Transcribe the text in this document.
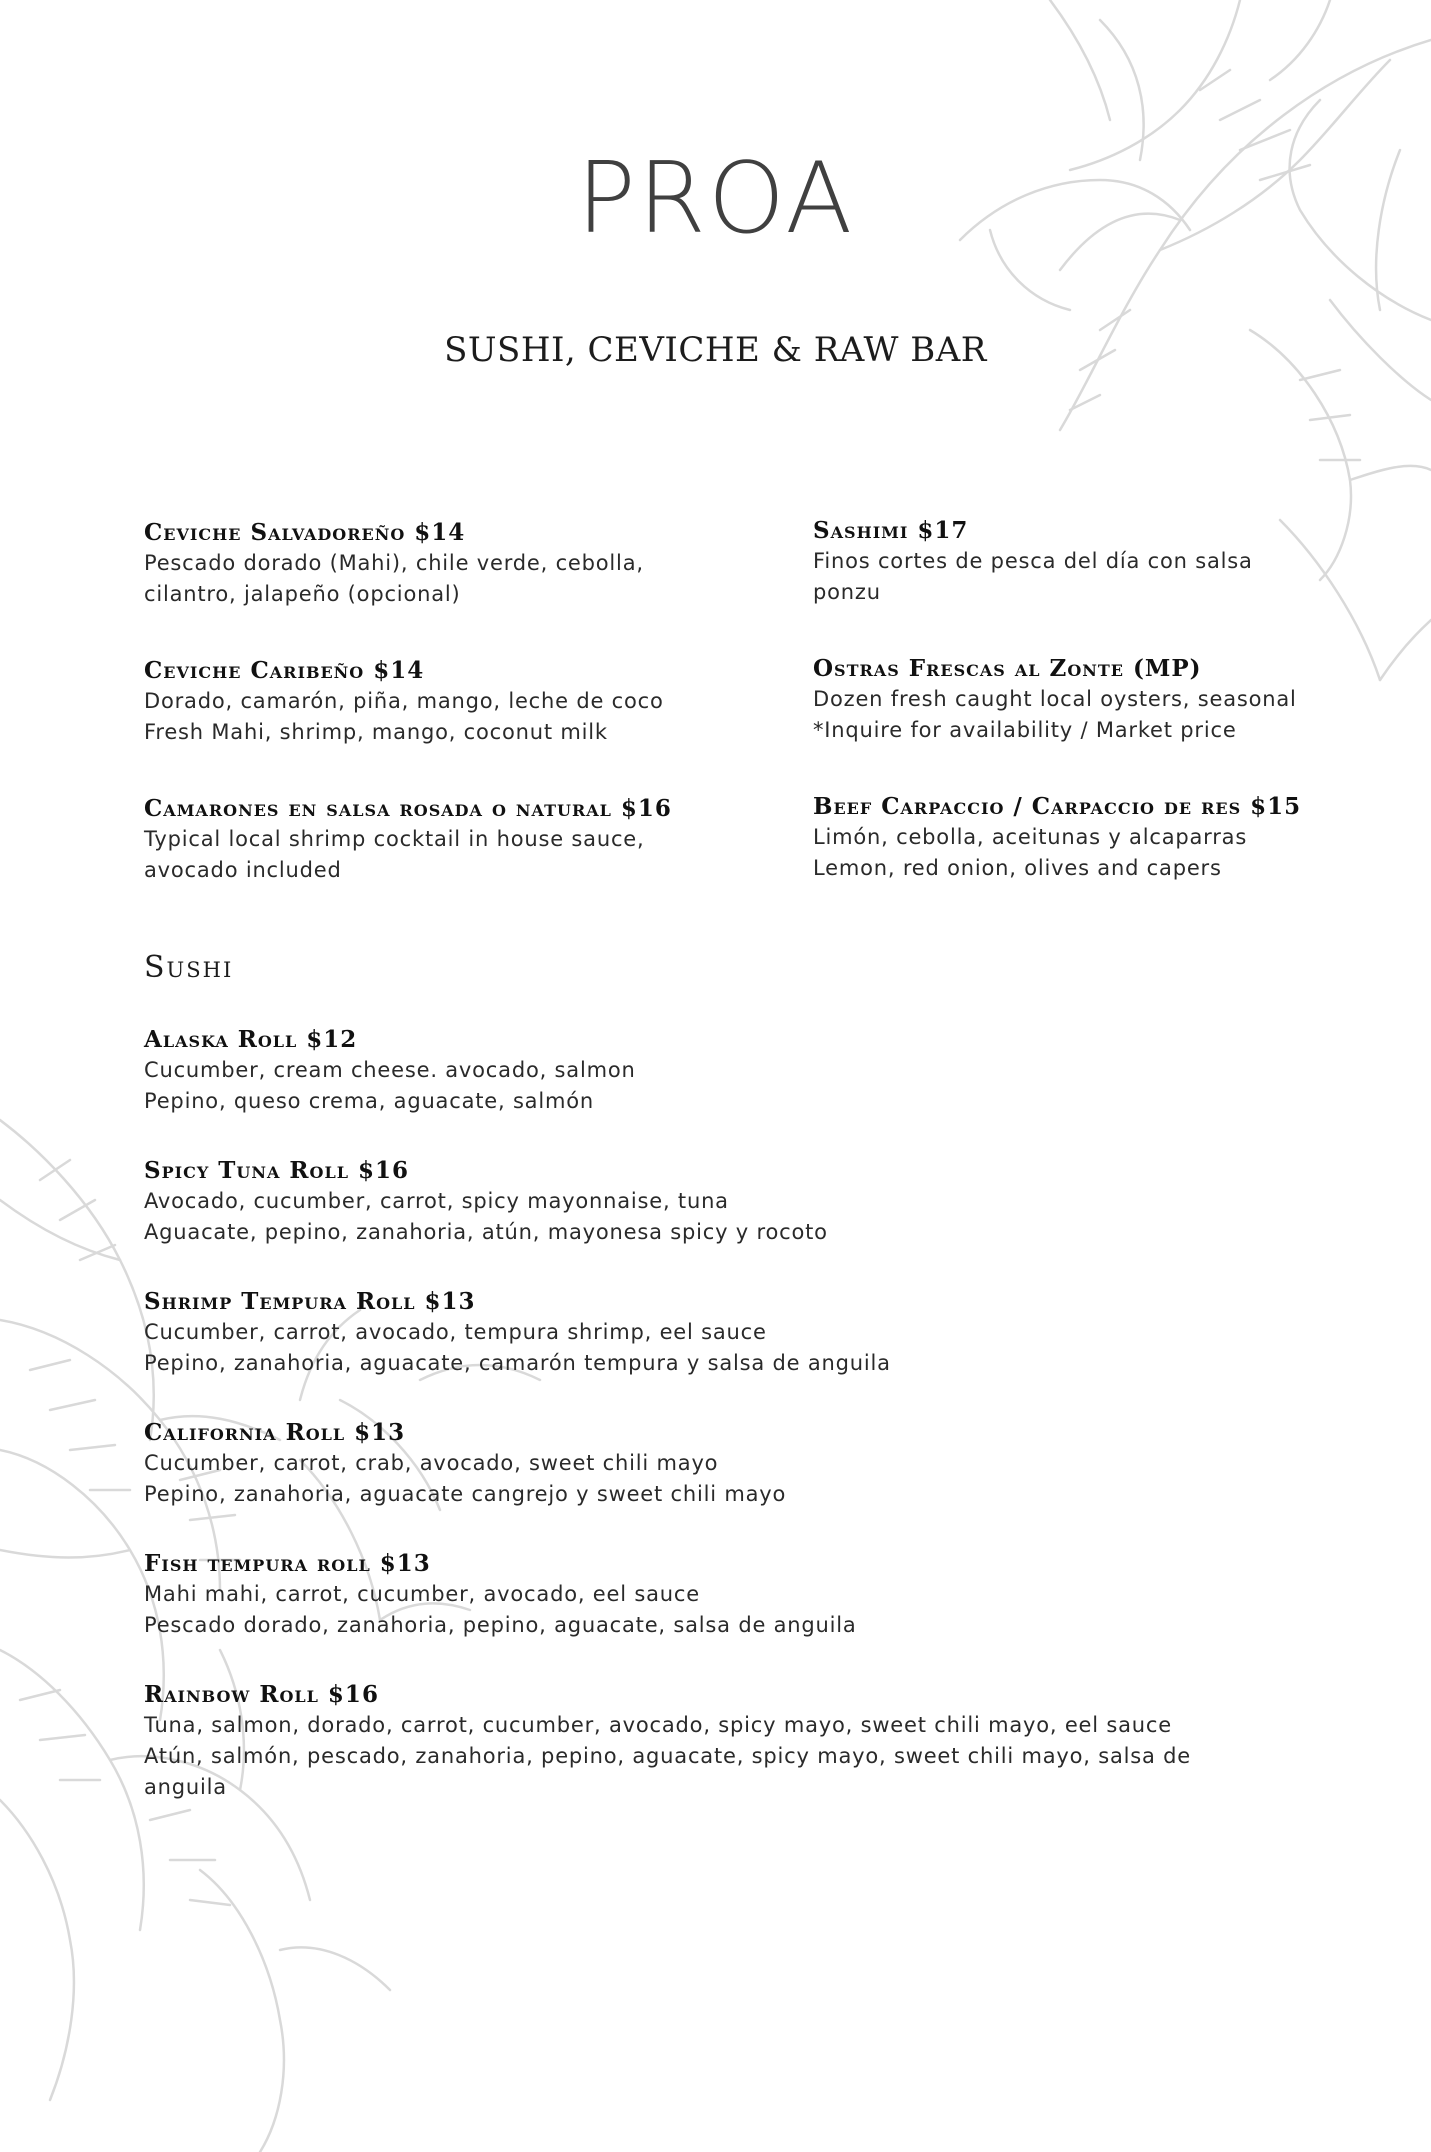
PROA
SUSHI, CEVICHE & RAW BAR
Ceviche Salvadoreño $14
Pescado dorado (Mahi), chile verde, cebolla,
cilantro, jalapeño (opcional)
Ceviche Caribeño $14
Dorado, camarón, piña, mango, leche de coco
Fresh Mahi, shrimp, mango, coconut milk
Camarones en salsa rosada o natural $16
Typical local shrimp cocktail in house sauce,
avocado included
Sashimi $17
Finos cortes de pesca del día con salsa
ponzu
Ostras Frescas al Zonte (MP)
Dozen fresh caught local oysters, seasonal
*Inquire for availability / Market price
Beef Carpaccio / Carpaccio de res $15
Limón, cebolla, aceitunas y alcaparras
Lemon, red onion, olives and capers
Sushi
Alaska Roll $12
Cucumber, cream cheese. avocado, salmon
Pepino, queso crema, aguacate, salmón
Spicy Tuna Roll $16
Avocado, cucumber, carrot, spicy mayonnaise, tuna
Aguacate, pepino, zanahoria, atún, mayonesa spicy y rocoto
Shrimp Tempura Roll $13
Cucumber, carrot, avocado, tempura shrimp, eel sauce
Pepino, zanahoria, aguacate, camarón tempura y salsa de anguila
California Roll $13
Cucumber, carrot, crab, avocado, sweet chili mayo
Pepino, zanahoria, aguacate cangrejo y sweet chili mayo
Fish tempura roll $13
Mahi mahi, carrot, cucumber, avocado, eel sauce
Pescado dorado, zanahoria, pepino, aguacate, salsa de anguila
Rainbow Roll $16
Tuna, salmon, dorado, carrot, cucumber, avocado, spicy mayo, sweet chili mayo, eel sauce
Atún, salmón, pescado, zanahoria, pepino, aguacate, spicy mayo, sweet chili mayo, salsa de
anguila
